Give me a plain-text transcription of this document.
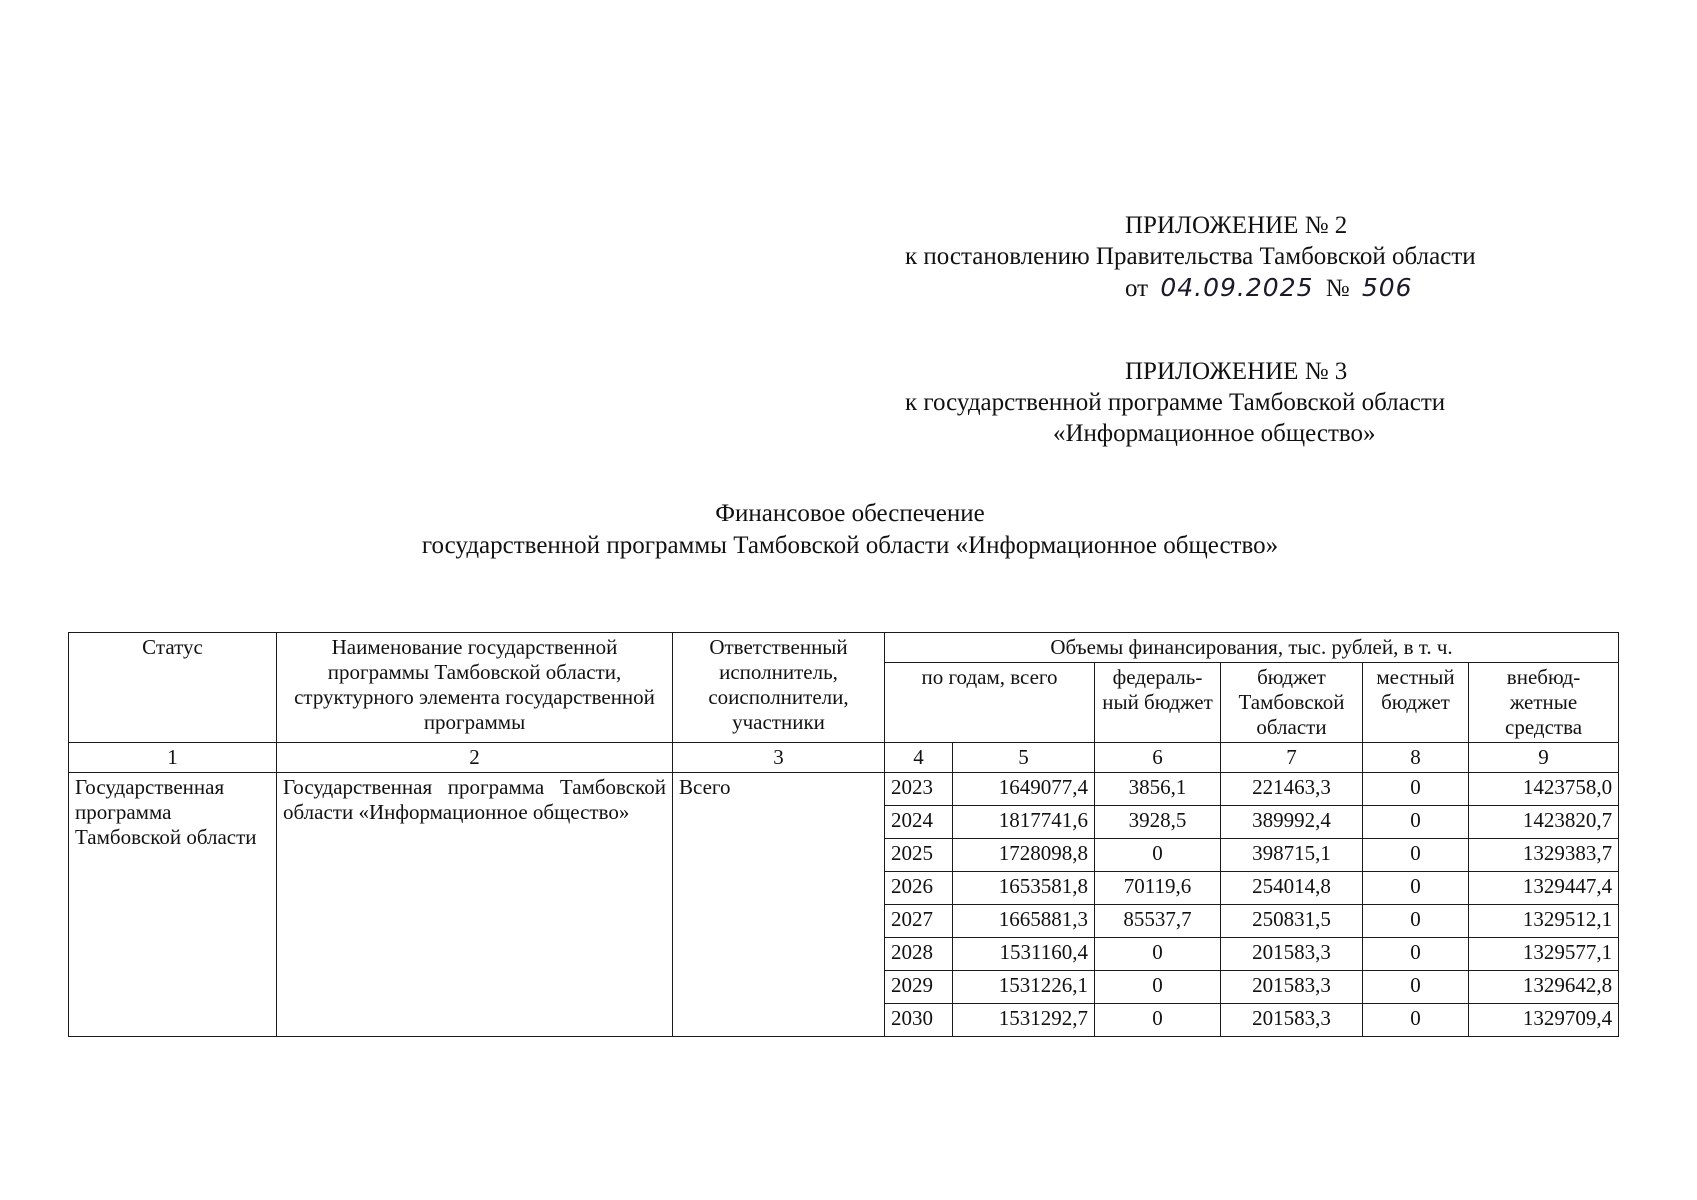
ПРИЛОЖЕНИЕ № 2
к постановлению Правительства Тамбовской области
от 04.09.2025 № 506
ПРИЛОЖЕНИЕ № 3
к государственной программе Тамбовской области
«Информационное общество»
Финансовое обеспечение
государственной программы Тамбовской области «Информационное общество»
Статус	Наименование государственной программы Тамбовской области, структурного элемента государственной программы	Ответственный исполнитель, соисполнители, участники	Объемы финансирования, тыс. рублей, в т. ч.					
			по годам, всего		федераль-ный бюджет	бюджет Тамбовской области	местный бюджет	внебюд-жетные средства
1	2	3	4	5	6	7	8	9
Государственная программа Тамбовской области	Государственная программа Тамбовской области «Информационное общество»	Всего	2023	1649077,4	3856,1	221463,3	0	1423758,0
			2024	1817741,6	3928,5	389992,4	0	1423820,7
			2025	1728098,8	0	398715,1	0	1329383,7
			2026	1653581,8	70119,6	254014,8	0	1329447,4
			2027	1665881,3	85537,7	250831,5	0	1329512,1
			2028	1531160,4	0	201583,3	0	1329577,1
			2029	1531226,1	0	201583,3	0	1329642,8
			2030	1531292,7	0	201583,3	0	1329709,4
